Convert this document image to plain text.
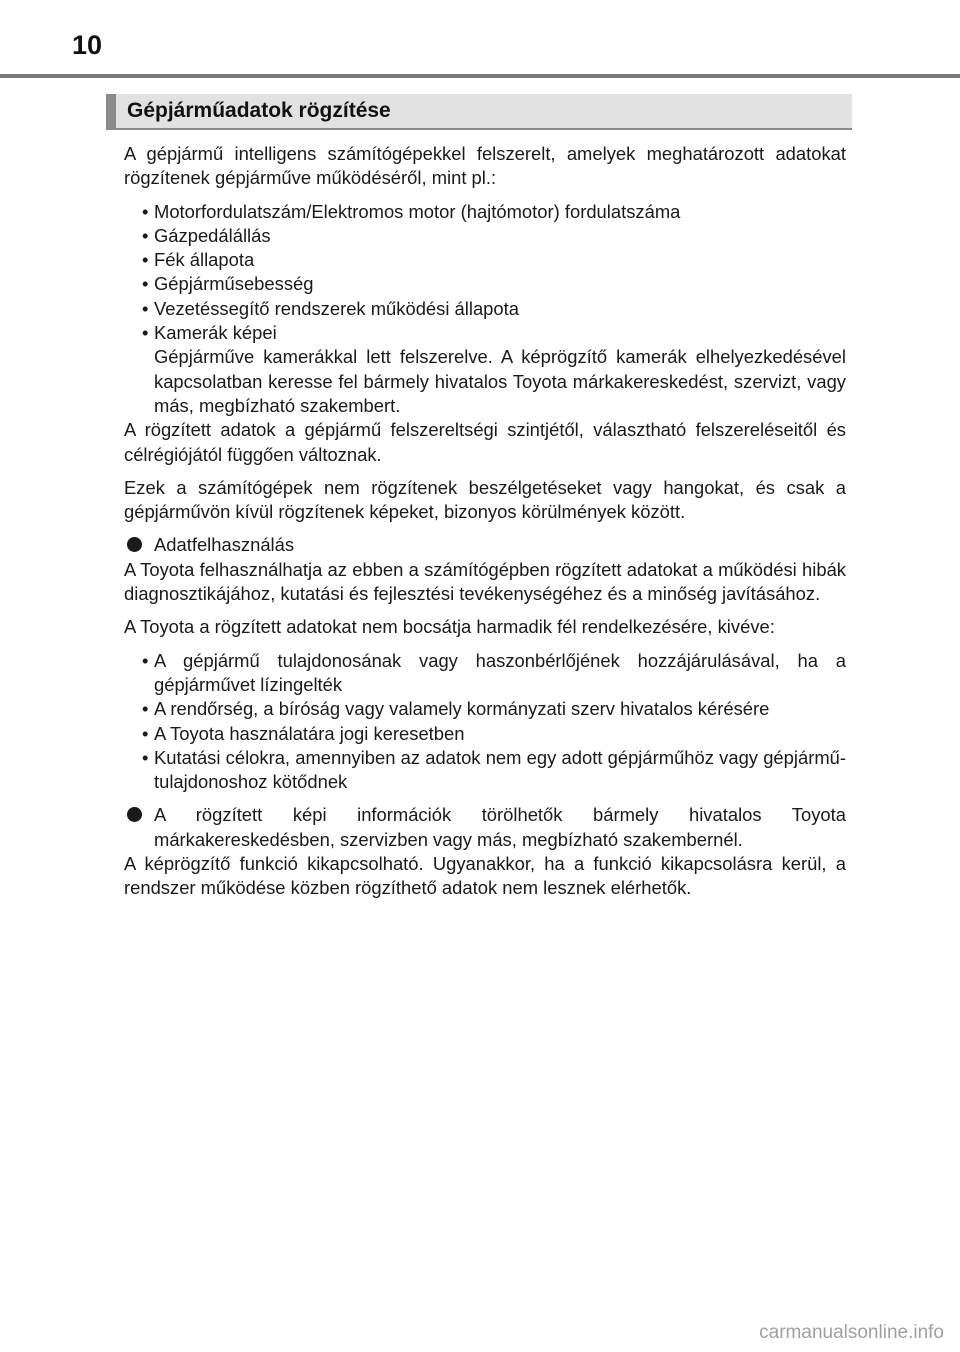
10
Gépjárműadatok rögzítése

A gépjármű intelligens számítógépekkel felszerelt, amelyek meghatározott adatokat rögzítenek gépjárműve működéséről, mint pl.:

• Motorfordulatszám/Elektromos motor (hajtómotor) fordulatszáma
• Gázpedálállás
• Fék állapota
• Gépjárműsebesség
• Vezetéssegítő rendszerek működési állapota
• Kamerák képei

Gépjárműve kamerákkal lett felszerelve. A képrögzítő kamerák elhelyezkedésével kapcsolatban keresse fel bármely hivatalos Toyota márkakereskedést, szervizt, vagy más, megbízható szakembert.

A rögzített adatok a gépjármű felszereltségi szintjétől, választható felszereléseitől és célrégiójától függően változnak.

Ezek a számítógépek nem rögzítenek beszélgetéseket vagy hangokat, és csak a gépjárművön kívül rögzítenek képeket, bizonyos körülmények között.

Adatfelhasználás

A Toyota felhasználhatja az ebben a számítógépben rögzített adatokat a működési hibák diagnosztikájához, kutatási és fejlesztési tevékenységéhez és a minőség javításához.

A Toyota a rögzített adatokat nem bocsátja harmadik fél rendelkezésére, kivéve:

• A gépjármű tulajdonosának vagy haszonbérlőjének hozzájárulásával, ha a gépjárművet lízingelték
• A rendőrség, a bíróság vagy valamely kormányzati szerv hivatalos kérésére
• A Toyota használatára jogi keresetben
• Kutatási célokra, amennyiben az adatok nem egy adott gépjárműhöz vagy gépjármű-tulajdonoshoz kötődnek
A rögzített képi információk törölhetők bármely hivatalos Toyota márkakereskedésben, szervizben vagy más, megbízható szakembernél.

A képrögzítő funkció kikapcsolható. Ugyanakkor, ha a funkció kikapcsolásra kerül, a rendszer működése közben rögzíthető adatok nem lesznek elérhetők.

carmanualsonline.info
